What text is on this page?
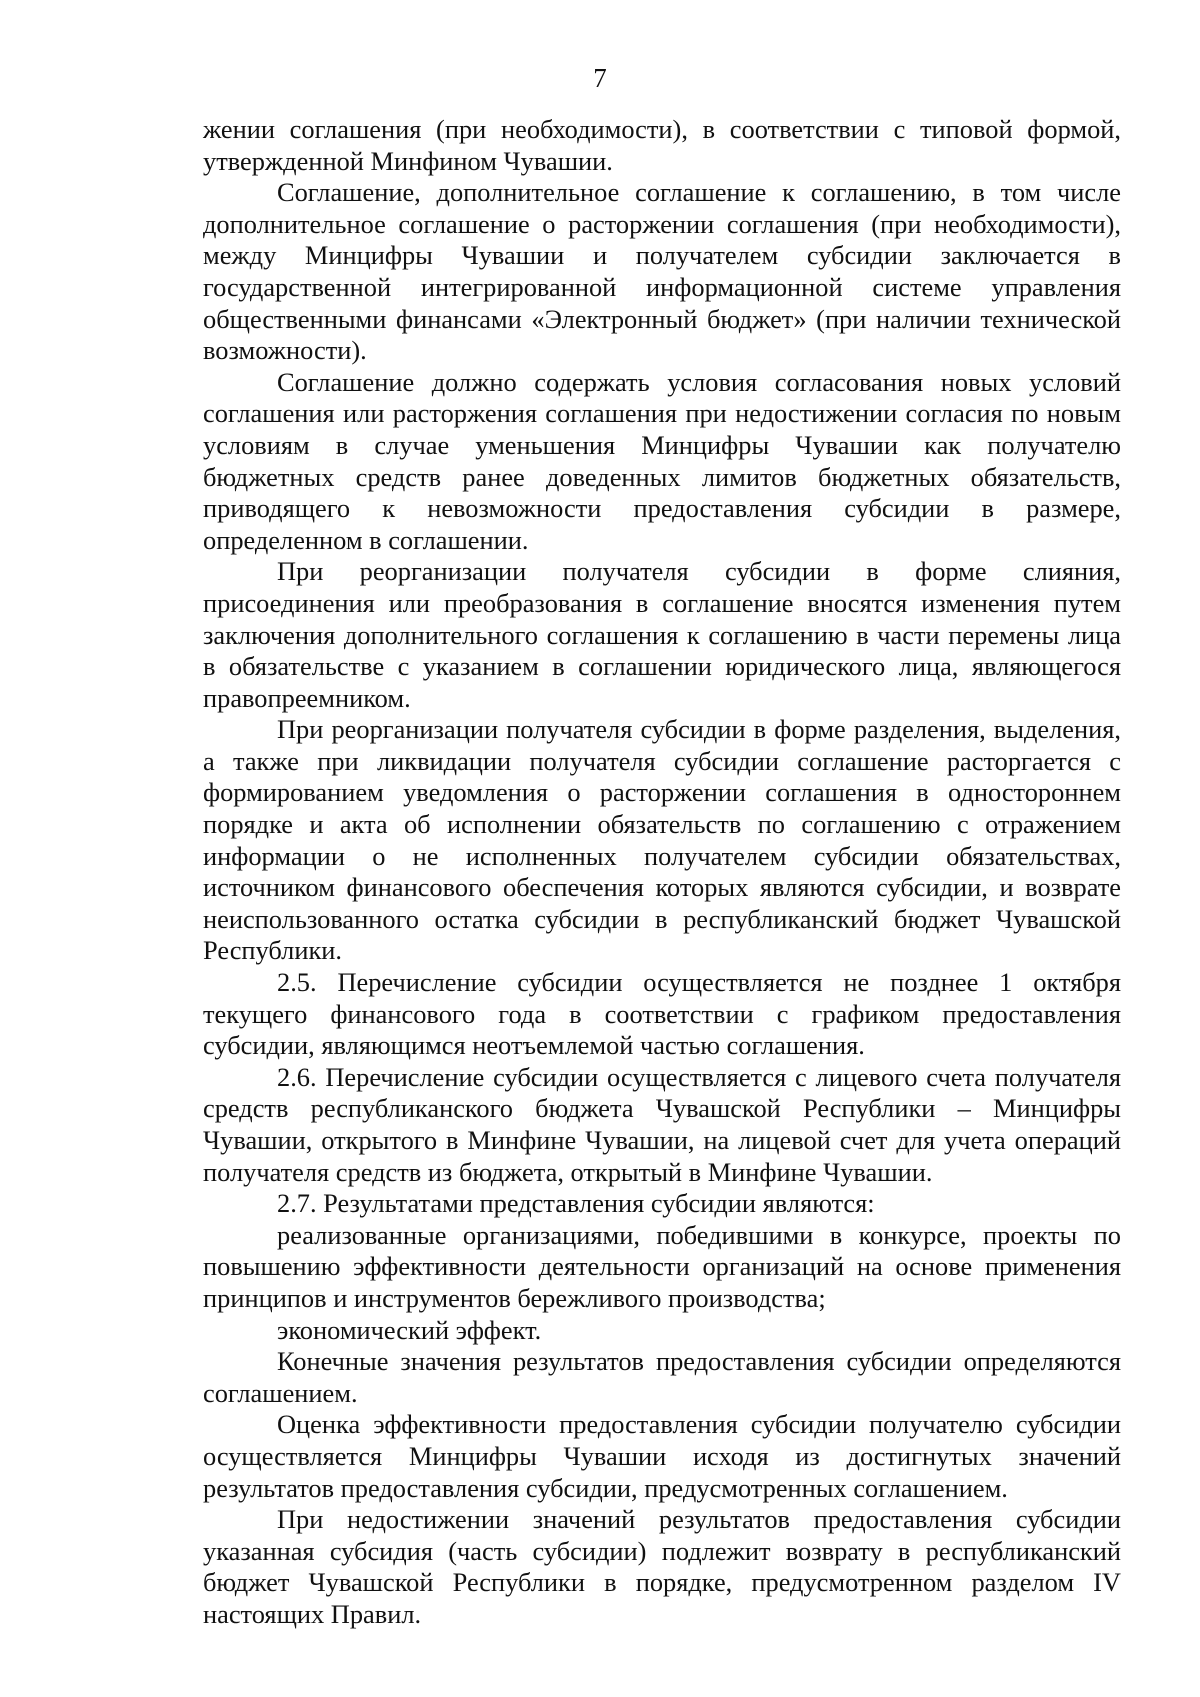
7

жении соглашения (при необходимости), в соответствии с типовой формой, утвержденной Минфином Чувашии.

Соглашение, дополнительное соглашение к соглашению, в том числе дополнительное соглашение о расторжении соглашения (при необходимости), между Минцифры Чувашии и получателем субсидии заключается в государственной интегрированной информационной системе управления общественными финансами «Электронный бюджет» (при наличии технической возможности).

Соглашение должно содержать условия согласования новых условий соглашения или расторжения соглашения при недостижении согласия по новым условиям в случае уменьшения Минцифры Чувашии как получателю бюджетных средств ранее доведенных лимитов бюджетных обязательств, приводящего к невозможности предоставления субсидии в размере, определенном в соглашении.

При реорганизации получателя субсидии в форме слияния, присоединения или преобразования в соглашение вносятся изменения путем заключения дополнительного соглашения к соглашению в части перемены лица в обязательстве с указанием в соглашении юридического лица, являющегося правопреемником.

При реорганизации получателя субсидии в форме разделения, выделения, а также при ликвидации получателя субсидии соглашение расторгается с формированием уведомления о расторжении соглашения в одностороннем порядке и акта об исполнении обязательств по соглашению с отражением информации о не исполненных получателем субсидии обязательствах, источником финансового обеспечения которых являются субсидии, и возврате неиспользованного остатка субсидии в республиканский бюджет Чувашской Республики.

2.5. Перечисление субсидии осуществляется не позднее 1 октября текущего финансового года в соответствии с графиком предоставления субсидии, являющимся неотъемлемой частью соглашения.

2.6. Перечисление субсидии осуществляется с лицевого счета получателя средств республиканского бюджета Чувашской Республики – Минцифры Чувашии, открытого в Минфине Чувашии, на лицевой счет для учета операций получателя средств из бюджета, открытый в Минфине Чувашии.

2.7. Результатами представления субсидии являются:

реализованные организациями, победившими в конкурсе, проекты по повышению эффективности деятельности организаций на основе применения принципов и инструментов бережливого производства;

экономический эффект.

Конечные значения результатов предоставления субсидии определяются соглашением.

Оценка эффективности предоставления субсидии получателю субсидии осуществляется Минцифры Чувашии исходя из достигнутых значений результатов предоставления субсидии, предусмотренных соглашением.

При недостижении значений результатов предоставления субсидии указанная субсидия (часть субсидии) подлежит возврату в республиканский бюджет Чувашской Республики в порядке, предусмотренном разделом IV настоящих Правил.
